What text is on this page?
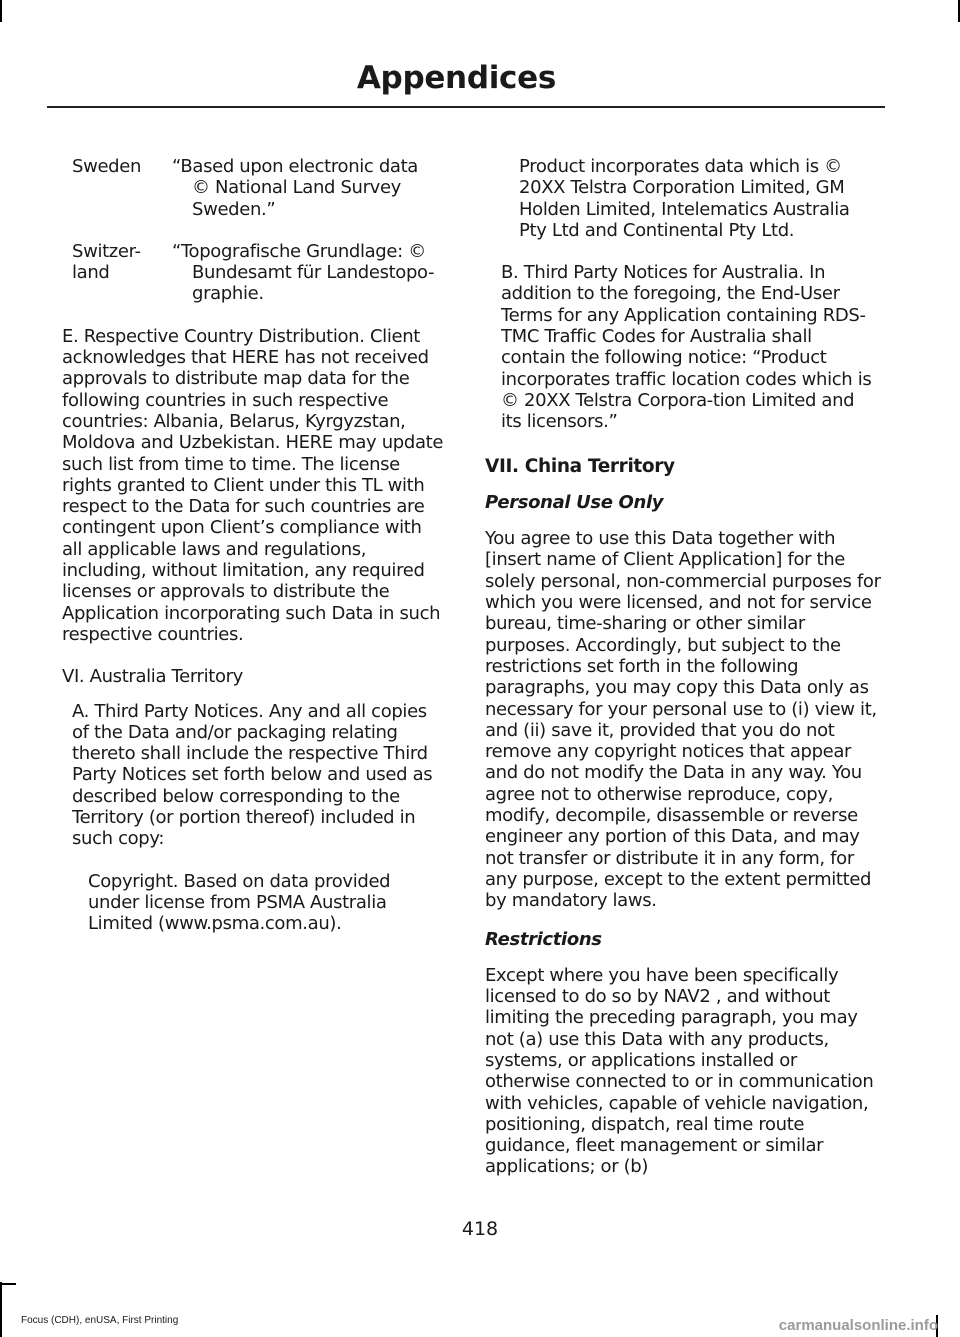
Appendices
Sweden	“Based upon electronic data © National Land Survey Sweden.”
Switzer-land
“Topografische Grundlage: © Bundesamt für Landestopo-graphie.

E. Respective Country Distribution. Client acknowledges that HERE has not received approvals to distribute map data for the following countries in such respective countries: Albania, Belarus, Kyrgyzstan, Moldova and Uzbekistan. HERE may update such list from time to time. The license rights granted to Client under this TL with respect to the Data for such countries are contingent upon Client’s compliance with all applicable laws and regulations, including, without limitation, any required licenses or approvals to distribute the Application incorporating such Data in such respective countries.

VI. Australia Territory

A. Third Party Notices. Any and all copies of the Data and/or packaging relating thereto shall include the respective Third Party Notices set forth below and used as described below corresponding to the Territory (or portion thereof) included in such copy:

Copyright. Based on data provided under license from PSMA Australia Limited (www.psma.com.au).

Product incorporates data which is © 20XX Telstra Corporation Limited, GM Holden Limited, Intelematics Australia Pty Ltd and Continental Pty Ltd.

B. Third Party Notices for Australia. In addition to the foregoing, the End-User Terms for any Application containing RDS-TMC Traffic Codes for Australia shall contain the following notice: “Product incorporates traffic location codes which is © 20XX Telstra Corpora-tion Limited and its licensors.”

VII. China Territory

Personal Use Only

You agree to use this Data together with [insert name of Client Application] for the solely personal, non-commercial purposes for which you were licensed, and not for service bureau, time-sharing or other similar purposes. Accordingly, but subject to the restrictions set forth in the following paragraphs, you may copy this Data only as necessary for your personal use to (i) view it, and (ii) save it, provided that you do not remove any copyright notices that appear and do not modify the Data in any way. You agree not to otherwise reproduce, copy, modify, decompile, disassemble or reverse engineer any portion of this Data, and may not transfer or distribute it in any form, for any purpose, except to the extent permitted by mandatory laws.

Restrictions

Except where you have been specifically licensed to do so by NAV2 , and without limiting the preceding paragraph, you may not (a) use this Data with any products, systems, or applications installed or otherwise connected to or in communication with vehicles, capable of vehicle navigation, positioning, dispatch, real time route guidance, fleet management or similar applications; or (b)

418
Focus (CDH), enUSA, First Printing	carmanualsonline.info
